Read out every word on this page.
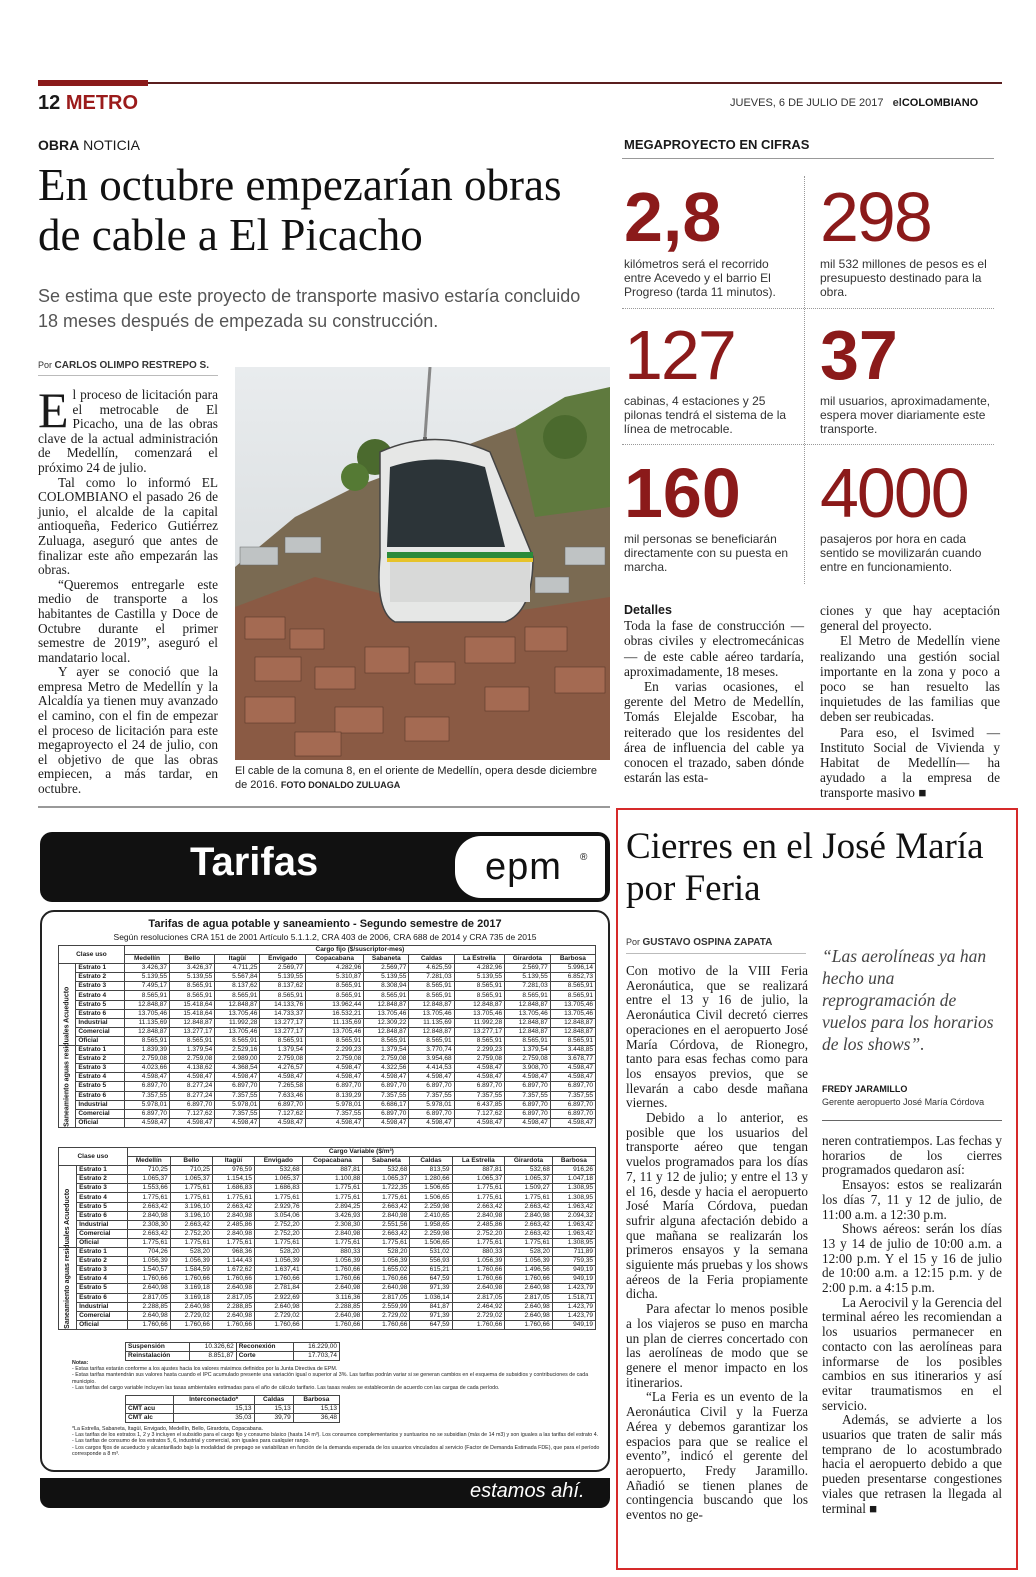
12 METRO	JUEVES, 6 DE JULIO DE 2017 elCOLOMBIANO
OBRA NOTICIA
En octubre empezarían obras de cable a El Picacho
Se estima que este proyecto de transporte masivo estaría concluido 18 meses después de empezada su construcción.
Por CARLOS OLIMPO RESTREPO S.

El proceso de licitación para el metrocable de El Picacho, una de las obras clave de la actual administración de Medellín, comenzará el próximo 24 de julio.

Tal como lo informó EL COLOMBIANO el pasado 26 de junio, el alcalde de la capital antioqueña, Federico Gutiérrez Zuluaga, aseguró que antes de finalizar este año empezarán las obras.

“Queremos entregarle este medio de transporte a los habitantes de Castilla y Doce de Octubre durante el primer semestre de 2019”, aseguró el mandatario local.

Y ayer se conoció que la empresa Metro de Medellín y la Alcaldía ya tienen muy avanzado el camino, con el fin de empezar el proceso de licitación para este megaproyecto el 24 de julio, con el objetivo de que las obras empiecen, a más tardar, en octubre.

El cable de la comuna 8, en el oriente de Medellín, opera desde diciembre de 2016. FOTO DONALDO ZULUAGA
MEGAPROYECTO EN CIFRAS
2,8
kilómetros será el recorrido entre Acevedo y el barrio El Progreso (tarda 11 minutos).
298
mil 532 millones de pesos es el presupuesto destinado para la obra.
127
cabinas, 4 estaciones y 25 pilonas tendrá el sistema de la línea de metrocable.
37
mil usuarios, aproximadamente, espera mover diariamente este transporte.
160
mil personas se beneficiarán directamente con su puesta en marcha.
4000
pasajeros por hora en cada sentido se movilizarán cuando entre en funcionamiento.

Detalles

Toda la fase de construcción —obras civiles y electromecánicas— de este cable aéreo tardaría, aproximadamente, 18 meses.

En varias ocasiones, el gerente del Metro de Medellín, Tomás Elejalde Escobar, ha reiterado que los residentes del área de influencia del cable ya conocen el trazado, saben dónde estarán las esta-

ciones y que hay aceptación general del proyecto.

El Metro de Medellín viene realizando una gestión social importante en la zona y poco a poco se han resuelto las inquietudes de las familias que deben ser reubicadas.

Para eso, el Isvimed — Instituto Social de Vivienda y Habitat de Medellín— ha ayudado a la empresa de transporte masivo ■

Tarifas	epm ®
Tarifas de agua potable y saneamiento - Segundo semestre de 2017
Según resoluciones CRA 151 de 2001 Artículo 5.1.1.2, CRA 403 de 2006, CRA 688 de 2014 y CRA 735 de 2015
Clase uso		Cargo fijo ($/suscriptor-mes)									
		Medellín	Bello	Itagüí	Envigado	Copacabana	Sabaneta	Caldas	La Estrella	Girardota	Barbosa
Acueducto	Estrato 1	3.426,37	3.426,37	4.711,25	2.569,77	4.282,96	2.569,77	4.625,59	4.282,96	2.569,77	5.996,14
	Estrato 2	5.139,55	5.139,55	5.567,84	5.139,55	5.310,87	5.139,55	7.281,03	5.139,55	5.139,55	6.852,73
	Estrato 3	7.495,17	8.565,91	8.137,62	8.137,62	8.565,91	8.308,94	8.565,91	8.565,91	7.281,03	8.565,91
	Estrato 4	8.565,91	8.565,91	8.565,91	8.565,91	8.565,91	8.565,91	8.565,91	8.565,91	8.565,91	8.565,91
	Estrato 5	12.848,87	15.418,64	12.848,87	14.133,76	13.962,44	12.848,87	12.848,87	12.848,87	12.848,87	13.705,46
	Estrato 6	13.705,46	15.418,64	13.705,46	14.733,37	16.532,21	13.705,46	13.705,46	13.705,46	13.705,46	13.705,46
	Industrial	11.135,69	12.848,87	11.992,28	13.277,17	11.135,69	12.309,22	11.135,69	11.992,28	12.848,87	12.848,87
	Comercial	12.848,87	13.277,17	13.705,46	13.277,17	13.705,46	12.848,87	12.848,87	13.277,17	12.848,87	12.848,87
	Oficial	8.565,91	8.565,91	8.565,91	8.565,91	8.565,91	8.565,91	8.565,91	8.565,91	8.565,91	8.565,91
Saneamiento aguas residuales	Estrato 1	1.839,39	1.379,54	2.529,16	1.379,54	2.299,23	1.379,54	3.770,74	2.299,23	1.379,54	3.448,85
	Estrato 2	2.759,08	2.759,08	2.989,00	2.759,08	2.759,08	2.759,08	3.954,68	2.759,08	2.759,08	3.678,77
	Estrato 3	4.023,66	4.138,62	4.368,54	4.276,57	4.598,47	4.322,56	4.414,53	4.598,47	3.908,70	4.598,47
	Estrato 4	4.598,47	4.598,47	4.598,47	4.598,47	4.598,47	4.598,47	4.598,47	4.598,47	4.598,47	4.598,47
	Estrato 5	6.897,70	8.277,24	6.897,70	7.265,58	6.897,70	6.897,70	6.897,70	6.897,70	6.897,70	6.897,70
	Estrato 6	7.357,55	8.277,24	7.357,55	7.633,46	8.139,29	7.357,55	7.357,55	7.357,55	7.357,55	7.357,55
	Industrial	5.978,01	6.897,70	5.978,01	6.897,70	5.978,01	6.686,17	5.978,01	6.437,85	6.897,70	6.897,70
	Comercial	6.897,70	7.127,62	7.357,55	7.127,62	7.357,55	6.897,70	6.897,70	7.127,62	6.897,70	6.897,70
	Oficial	4.598,47	4.598,47	4.598,47	4.598,47	4.598,47	4.598,47	4.598,47	4.598,47	4.598,47	4.598,47
Clase uso		Cargo Variable ($/m³)									
		Medellín	Bello	Itagüí	Envigado	Copacabana	Sabaneta	Caldas	La Estrella	Girardota	Barbosa
Acueducto	Estrato 1	710,25	710,25	976,59	532,68	887,81	532,68	813,59	887,81	532,68	916,26
	Estrato 2	1.065,37	1.065,37	1.154,15	1.065,37	1.100,88	1.065,37	1.280,66	1.065,37	1.065,37	1.047,18
	Estrato 3	1.553,66	1.775,61	1.686,83	1.686,83	1.775,61	1.722,35	1.506,65	1.775,61	1.509,27	1.308,95
	Estrato 4	1.775,61	1.775,61	1.775,61	1.775,61	1.775,61	1.775,61	1.506,65	1.775,61	1.775,61	1.308,95
	Estrato 5	2.663,42	3.196,10	2.663,42	2.929,76	2.894,25	2.663,42	2.259,98	2.663,42	2.663,42	1.963,42
	Estrato 6	2.840,98	3.196,10	2.840,98	3.054,06	3.426,93	2.840,98	2.410,65	2.840,98	2.840,98	2.094,32
	Industrial	2.308,30	2.663,42	2.485,86	2.752,20	2.308,30	2.551,56	1.958,65	2.485,86	2.663,42	1.963,42
	Comercial	2.663,42	2.752,20	2.840,98	2.752,20	2.840,98	2.663,42	2.259,98	2.752,20	2.663,42	1.963,42
	Oficial	1.775,61	1.775,61	1.775,61	1.775,61	1.775,61	1.775,61	1.506,65	1.775,61	1.775,61	1.308,95
Saneamiento aguas residuales	Estrato 1	704,26	528,20	968,36	528,20	880,33	528,20	531,02	880,33	528,20	711,89
	Estrato 2	1.056,39	1.056,39	1.144,43	1.056,39	1.056,39	1.056,39	556,93	1.056,39	1.056,39	759,35
	Estrato 3	1.540,57	1.584,59	1.672,62	1.637,41	1.760,66	1.655,02	615,21	1.760,66	1.496,56	949,19
	Estrato 4	1.760,66	1.760,66	1.760,66	1.760,66	1.760,66	1.760,66	647,59	1.760,66	1.760,66	949,19
	Estrato 5	2.640,98	3.169,18	2.640,98	2.781,84	2.640,98	2.640,98	971,39	2.640,98	2.640,98	1.423,79
	Estrato 6	2.817,05	3.169,18	2.817,05	2.922,69	3.116,36	2.817,05	1.036,14	2.817,05	2.817,05	1.518,71
	Industrial	2.288,85	2.640,98	2.288,85	2.640,98	2.288,85	2.559,99	841,87	2.464,92	2.640,98	1.423,79
	Comercial	2.640,98	2.729,02	2.640,98	2.729,02	2.640,98	2.729,02	971,39	2.729,02	2.640,98	1.423,79
	Oficial	1.760,66	1.760,66	1.760,66	1.760,66	1.760,66	1.760,66	647,59	1.760,66	1.760,66	949,19
Suspensión	10.326,62	Reconexión	16.229,00
Reinstalación	8.851,87	Corte	17.703,74
Notas:
- Estas tarifas estarán conforme a los ajustes hacia los valores máximos definidos por la Junta Directiva de EPM.
- Estas tarifas mantendrán sus valores hasta cuando el IPC acumulado presente una variación igual o superior al 3%. Las tarifas podrán variar si se generan cambios en el esquema de subsidios y contribuciones de cada municipio.
- Las tarifas del cargo variable incluyen las tasas ambientales estimadas para el año de cálculo tarifario. Las tasas reales se establecerán de acuerdo con las cargas de cada período.
	Interconectado*	Caldas	Barbosa
CMT acu	15,13	15,13	15,13
CMT alc	35,03	39,79	36,48
*La Estrella, Sabaneta, Itagüí, Envigado, Medellín, Bello, Girardota, Copacabana.
- Las tarifas de los estratos 1, 2 y 3 incluyen el subsidio para el cargo fijo y consumo básico (hasta 14 m³). Los consumos complementarios y suntuarios no se subsidian (más de 14 m3) y son iguales a las tarifas del estrato 4.
- Las tarifas de consumo de los estratos 5, 6, industrial y comercial, son iguales para cualquier rango.
- Los cargos fijos de acueducto y alcantarillado bajo la modalidad de prepago se variabilizan en función de la demanda esperada de los usuarios vinculados al servicio (Factor de Demanda Estimada FDE), que para el período corresponde a 8 m³.
estamos ahí.
Cierres en el José María por Feria
Por GUSTAVO OSPINA ZAPATA
“Las aerolíneas ya han hecho una reprogramación de vuelos para los horarios de los shows”.
FREDY JARAMILLO
Gerente aeropuerto José María Córdova

Con motivo de la VIII Feria Aeronáutica, que se realizará entre el 13 y 16 de julio, la Aeronáutica Civil decretó cierres operaciones en el aeropuerto José María Córdova, de Rionegro, tanto para esas fechas como para los ensayos previos, que se llevarán a cabo desde mañana viernes.

Debido a lo anterior, es posible que los usuarios del transporte aéreo que tengan vuelos programados para los días 7, 11 y 12 de julio; y entre el 13 y el 16, desde y hacia el aeropuerto José María Córdova, puedan sufrir alguna afectación debido a que mañana se realizarán los primeros ensayos y la semana siguiente más pruebas y los shows aéreos de la Feria propiamente dicha.

Para afectar lo menos posible a los viajeros se puso en marcha un plan de cierres concertado con las aerolíneas de modo que se genere el menor impacto en los itinerarios.

“La Feria es un evento de la Aeronáutica Civil y la Fuerza Aérea y debemos garantizar los espacios para que se realice el evento”, indicó el gerente del aeropuerto, Fredy Jaramillo. Añadió se tienen planes de contingencia buscando que los eventos no ge-

neren contratiempos. Las fechas y horarios de los cierres programados quedaron así:

Ensayos: estos se realizarán los días 7, 11 y 12 de julio, de 11:00 a.m. a 12:30 p.m.

Shows aéreos: serán los días 13 y 14 de julio de 10:00 a.m. a 12:00 p.m. Y el 15 y 16 de julio de 10:00 a.m. a 12:15 p.m. y de 2:00 p.m. a 4:15 p.m.

La Aerocivil y la Gerencia del terminal aéreo les recomiendan a los usuarios permanecer en contacto con las aerolíneas para informarse de los posibles cambios en sus itinerarios y así evitar traumatismos en el servicio.

Además, se advierte a los usuarios que traten de salir más temprano de lo acostumbrado hacia el aeropuerto debido a que pueden presentarse congestiones viales que retrasen la llegada al terminal ■
